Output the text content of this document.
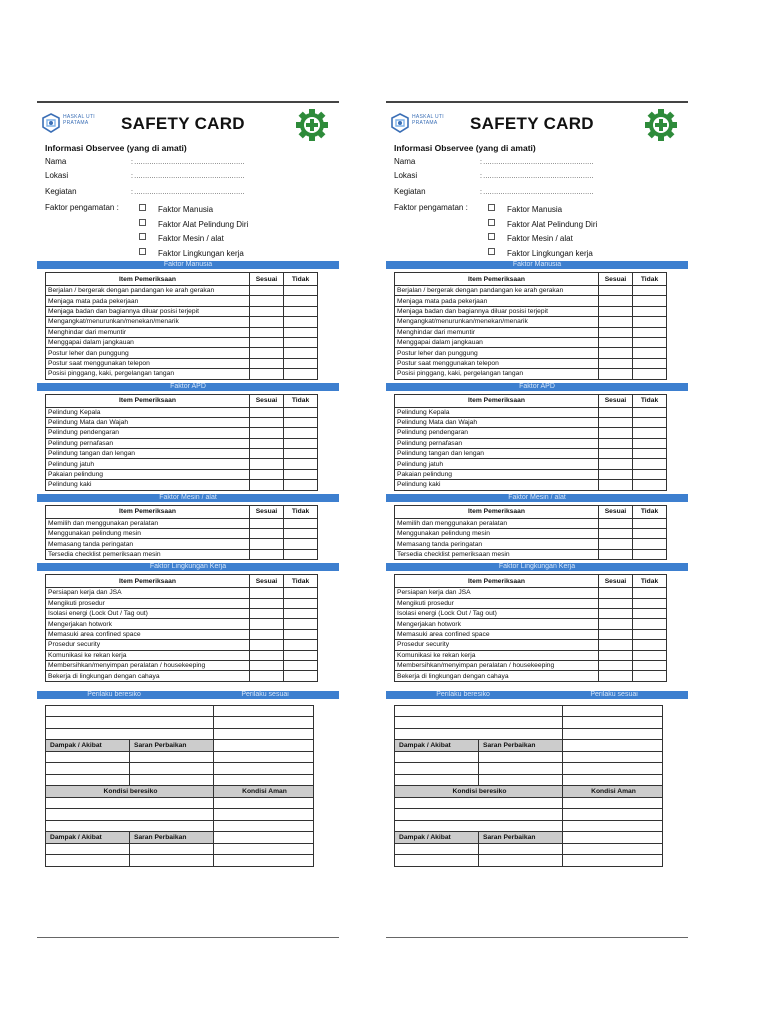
HASKAL UTI PRATAMA	SAFETY CARD
Informasi Observee (yang di amati)
Nama	: ……………………………………………
Lokasi	: ……………………………………………
Kegiatan	: ……………………………………………
Faktor pengamatan :	Faktor Manusia
Faktor Alat Pelindung Diri
Faktor Mesin / alat
Faktor Lingkungan kerja
Faktor Manusia
Item Pemeriksaan	Sesuai	Tidak
Berjalan / bergerak dengan pandangan ke arah gerakan		
Menjaga mata pada pekerjaan		
Menjaga badan dan bagiannya diluar posisi terjepit		
Mengangkat/menurunkan/menekan/menarik		
Menghindar dari memuntir		
Menggapai dalam jangkauan		
Postur leher dan punggung		
Postur saat menggunakan telepon		
Posisi pinggang, kaki, pergelangan tangan		
Faktor APD
Item Pemeriksaan	Sesuai	Tidak
Pelindung Kepala		
Pelindung Mata dan Wajah		
Pelindung pendengaran		
Pelindung pernafasan		
Pelindung tangan dan lengan		
Pelindung jatuh		
Pakaian pelindung		
Pelindung kaki		
Faktor Mesin / alat
Item Pemeriksaan	Sesuai	Tidak
Memilih dan menggunakan peralatan		
Menggunakan pelindung mesin		
Memasang tanda peringatan		
Tersedia checklist pemeriksaan mesin		
Faktor Lingkungan Kerja
Item Pemeriksaan	Sesuai	Tidak
Persiapan kerja dan JSA		
Mengikuti prosedur		
Isolasi energi (Lock Out / Tag out)		
Mengerjakan hotwork		
Memasuki area confined space		
Prosedur security		
Komunikasi ke rekan kerja		
Membersihkan/menyimpan peralatan / housekeeping		
Bekerja di lingkungan dengan cahaya		
Perilaku beresiko	Perilaku sesuai

Dampak / Akibat	Saran Perbaikan	

Kondisi beresiko		Kondisi Aman

Dampak / Akibat	Saran Perbaikan	

HASKAL UTI PRATAMA	SAFETY CARD
Informasi Observee (yang di amati)
Nama	: ……………………………………………
Lokasi	: ……………………………………………
Kegiatan	: ……………………………………………
Faktor pengamatan :	Faktor Manusia
Faktor Alat Pelindung Diri
Faktor Mesin / alat
Faktor Lingkungan kerja
Faktor Manusia
Item Pemeriksaan	Sesuai	Tidak
Berjalan / bergerak dengan pandangan ke arah gerakan		
Menjaga mata pada pekerjaan		
Menjaga badan dan bagiannya diluar posisi terjepit		
Mengangkat/menurunkan/menekan/menarik		
Menghindar dari memuntir		
Menggapai dalam jangkauan		
Postur leher dan punggung		
Postur saat menggunakan telepon		
Posisi pinggang, kaki, pergelangan tangan		
Faktor APD
Item Pemeriksaan	Sesuai	Tidak
Pelindung Kepala		
Pelindung Mata dan Wajah		
Pelindung pendengaran		
Pelindung pernafasan		
Pelindung tangan dan lengan		
Pelindung jatuh		
Pakaian pelindung		
Pelindung kaki		
Faktor Mesin / alat
Item Pemeriksaan	Sesuai	Tidak
Memilih dan menggunakan peralatan		
Menggunakan pelindung mesin		
Memasang tanda peringatan		
Tersedia checklist pemeriksaan mesin		
Faktor Lingkungan Kerja
Item Pemeriksaan	Sesuai	Tidak
Persiapan kerja dan JSA		
Mengikuti prosedur		
Isolasi energi (Lock Out / Tag out)		
Mengerjakan hotwork		
Memasuki area confined space		
Prosedur security		
Komunikasi ke rekan kerja		
Membersihkan/menyimpan peralatan / housekeeping		
Bekerja di lingkungan dengan cahaya		
Perilaku beresiko	Perilaku sesuai

Dampak / Akibat	Saran Perbaikan	

Kondisi beresiko		Kondisi Aman

Dampak / Akibat	Saran Perbaikan	
